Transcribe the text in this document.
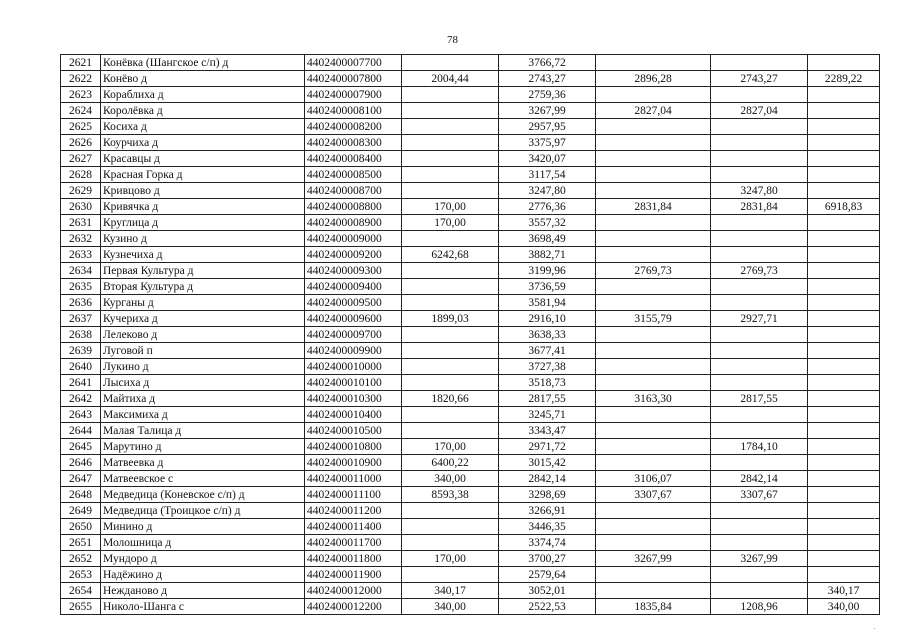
78
2621	Конёвка (Шангское с/п) д	4402400007700		3766,72			
2622	Конёво д	4402400007800	2004,44	2743,27	2896,28	2743,27	2289,22
2623	Кораблиха д	4402400007900		2759,36			
2624	Королёвка д	4402400008100		3267,99	2827,04	2827,04	
2625	Косиха д	4402400008200		2957,95			
2626	Коурчиха д	4402400008300		3375,97			
2627	Красавцы д	4402400008400		3420,07			
2628	Красная Горка д	4402400008500		3117,54			
2629	Кривцово д	4402400008700		3247,80		3247,80	
2630	Кривячка д	4402400008800	170,00	2776,36	2831,84	2831,84	6918,83
2631	Круглица д	4402400008900	170,00	3557,32			
2632	Кузино д	4402400009000		3698,49			
2633	Кузнечиха д	4402400009200	6242,68	3882,71			
2634	Первая Культура д	4402400009300		3199,96	2769,73	2769,73	
2635	Вторая Культура д	4402400009400		3736,59			
2636	Курганы д	4402400009500		3581,94			
2637	Кучериха д	4402400009600	1899,03	2916,10	3155,79	2927,71	
2638	Лелеково д	4402400009700		3638,33			
2639	Луговой п	4402400009900		3677,41			
2640	Лукино д	4402400010000		3727,38			
2641	Лысиха д	4402400010100		3518,73			
2642	Майтиха д	4402400010300	1820,66	2817,55	3163,30	2817,55	
2643	Максимиха д	4402400010400		3245,71			
2644	Малая Талица д	4402400010500		3343,47			
2645	Марутино д	4402400010800	170,00	2971,72		1784,10	
2646	Матвеевка д	4402400010900	6400,22	3015,42			
2647	Матвеевское с	4402400011000	340,00	2842,14	3106,07	2842,14	
2648	Медведица (Коневское с/п) д	4402400011100	8593,38	3298,69	3307,67	3307,67	
2649	Медведица (Троицкое с/п) д	4402400011200		3266,91			
2650	Минино д	4402400011400		3446,35			
2651	Молошница д	4402400011700		3374,74			
2652	Мундоро д	4402400011800	170,00	3700,27	3267,99	3267,99	
2653	Надёжино д	4402400011900		2579,64			
2654	Нежданово д	4402400012000	340,17	3052,01			340,17
2655	Николо-Шанга с	4402400012200	340,00	2522,53	1835,84	1208,96	340,00
